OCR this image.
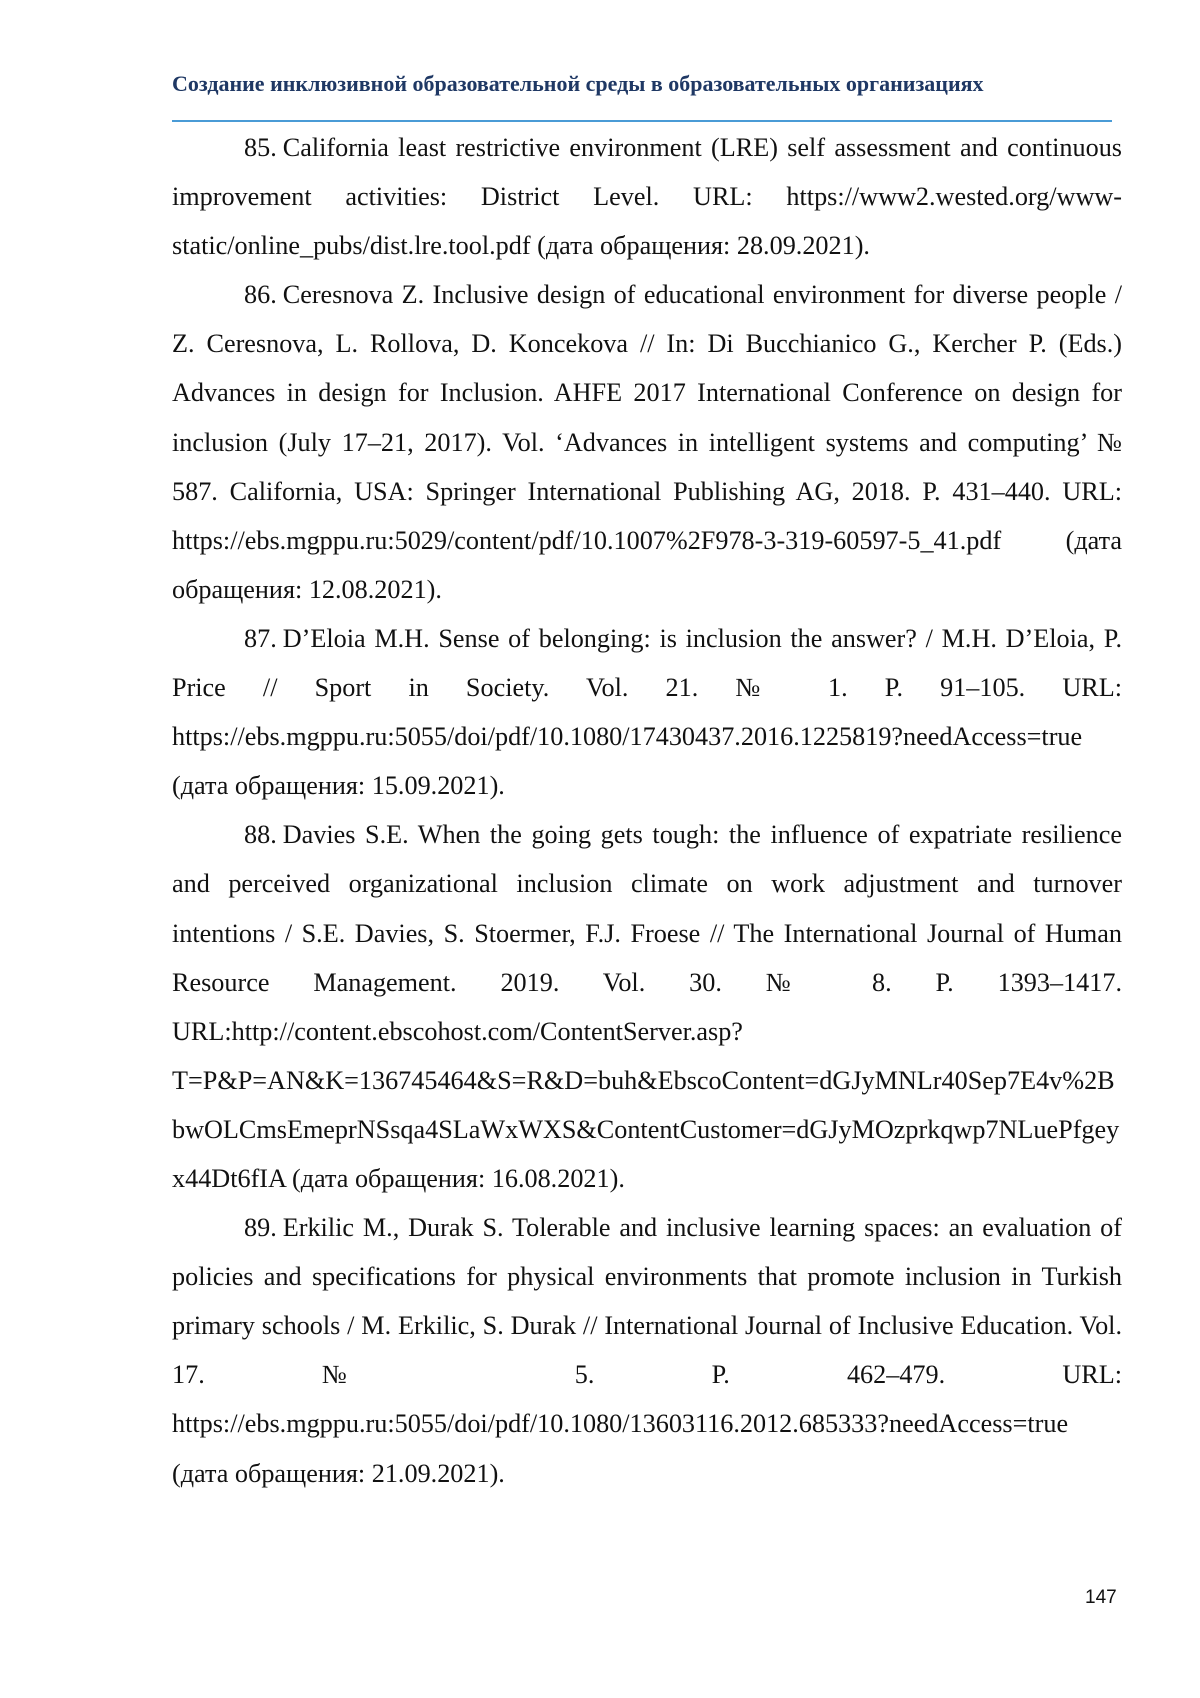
Создание инклюзивной образовательной среды в образовательных организациях

85. California least restrictive environment (LRE) self assessment and continuous improvement activities: District Level. URL: https://www2.wested.org/www-static/online_pubs/dist.lre.tool.pdf (дата обращения: 28.09.2021).

86. Ceresnova Z. Inclusive design of educational environment for diverse people / Z. Ceresnova, L. Rollova, D. Koncekova // In: Di Bucchianico G., Kercher P. (Eds.) Advances in design for Inclusion. AHFE 2017 International Conference on design for inclusion (July 17–21, 2017). Vol. ‘Advances in intelligent systems and computing’ № 587. California, USA: Springer International Publishing AG, 2018. P. 431–440. URL: https://ebs.mgppu.ru:5029/content/pdf/10.1007%2F978-3-319-60597-5_41.pdf (дата обращения: 12.08.2021).

87. D’Eloia M.H. Sense of belonging: is inclusion the answer? / M.H. D’Eloia, P. Price // Sport in Society. Vol. 21. № 1. P. 91–105. URL: https://ebs.mgppu.ru:5055/doi/pdf/10.1080/17430437.2016.1225819?needAccess=true (дата обращения: 15.09.2021).

88. Davies S.E. When the going gets tough: the influence of expatriate resilience and perceived organizational inclusion climate on work adjustment and turnover intentions / S.E. Davies, S. Stoermer, F.J. Froese // The International Journal of Human Resource Management. 2019. Vol. 30. № 8. P. 1393–1417. URL:http://content.ebscohost.com/ContentServer.asp?T=P&P=AN&K=136745464&S=R&D=buh&EbscoContent=dGJyMNLr40Sep7E4v%2BbwOLCmsEmeprNSsqa4SLaWxWXS&ContentCustomer=dGJyMOzprkqwp7NLuePfgeyx44Dt6fIA (дата обращения: 16.08.2021).

89. Erkilic M., Durak S. Tolerable and inclusive learning spaces: an evaluation of policies and specifications for physical environments that promote inclusion in Turkish primary schools / M. Erkilic, S. Durak // International Journal of Inclusive Education. Vol. 17. № 5. P. 462–479. URL: https://ebs.mgppu.ru:5055/doi/pdf/10.1080/13603116.2012.685333?needAccess=true (дата обращения: 21.09.2021).

147
